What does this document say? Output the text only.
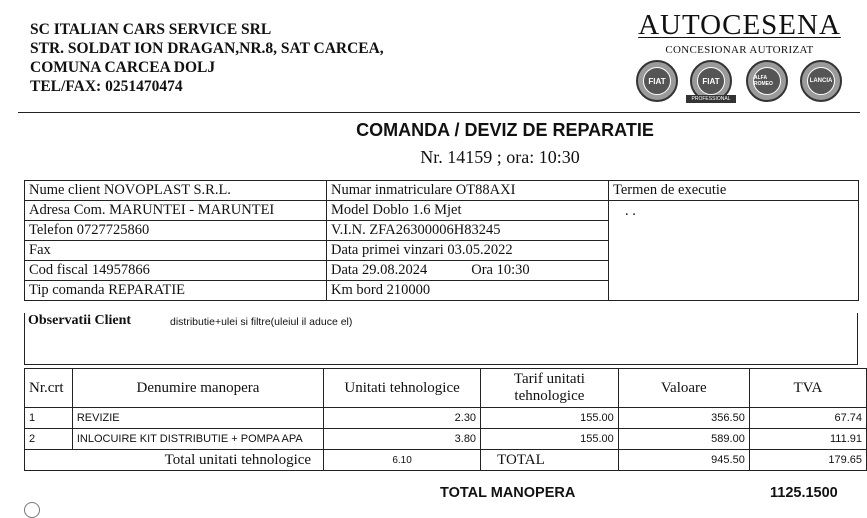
SC ITALIAN CARS SERVICE SRL
STR. SOLDAT ION DRAGAN,NR.8, SAT CARCEA,
COMUNA CARCEA DOLJ
TEL/FAX: 0251470474
AUTOCESENA
CONCESIONAR AUTORIZAT
FIAT	FIAT
PROFESSIONAL
ALFA ROMEO	LANCIA
COMANDA / DEVIZ DE REPARATIE
Nr. 14159 ; ora: 10:30
Nume client NOVOPLAST S.R.L.	Numar inmatriculare OT88AXI	Termen de executie
Adresa Com. MARUNTEI - MARUNTEI	Model Doblo 1.6 Mjet	. .
Telefon 0727725860	V.I.N. ZFA26300006H83245	
Fax	Data primei vinzari 03.05.2022	
Cod fiscal 14957866	Data 29.08.2024 Ora 10:30	
Tip comanda REPARATIE	Km bord 210000	
Observatii Client	distributie+ulei si filtre(uleiul il aduce el)
Nr.crt	Denumire manopera	Unitati tehnologice	Tarif unitati tehnologice	Valoare	TVA
1	REVIZIE	2.30	155.00	356.50	67.74
2	INLOCUIRE KIT DISTRIBUTIE + POMPA APA	3.80	155.00	589.00	111.91
Total unitati tehnologice		6.10	TOTAL	945.50	179.65
TOTAL MANOPERA	1125.1500
